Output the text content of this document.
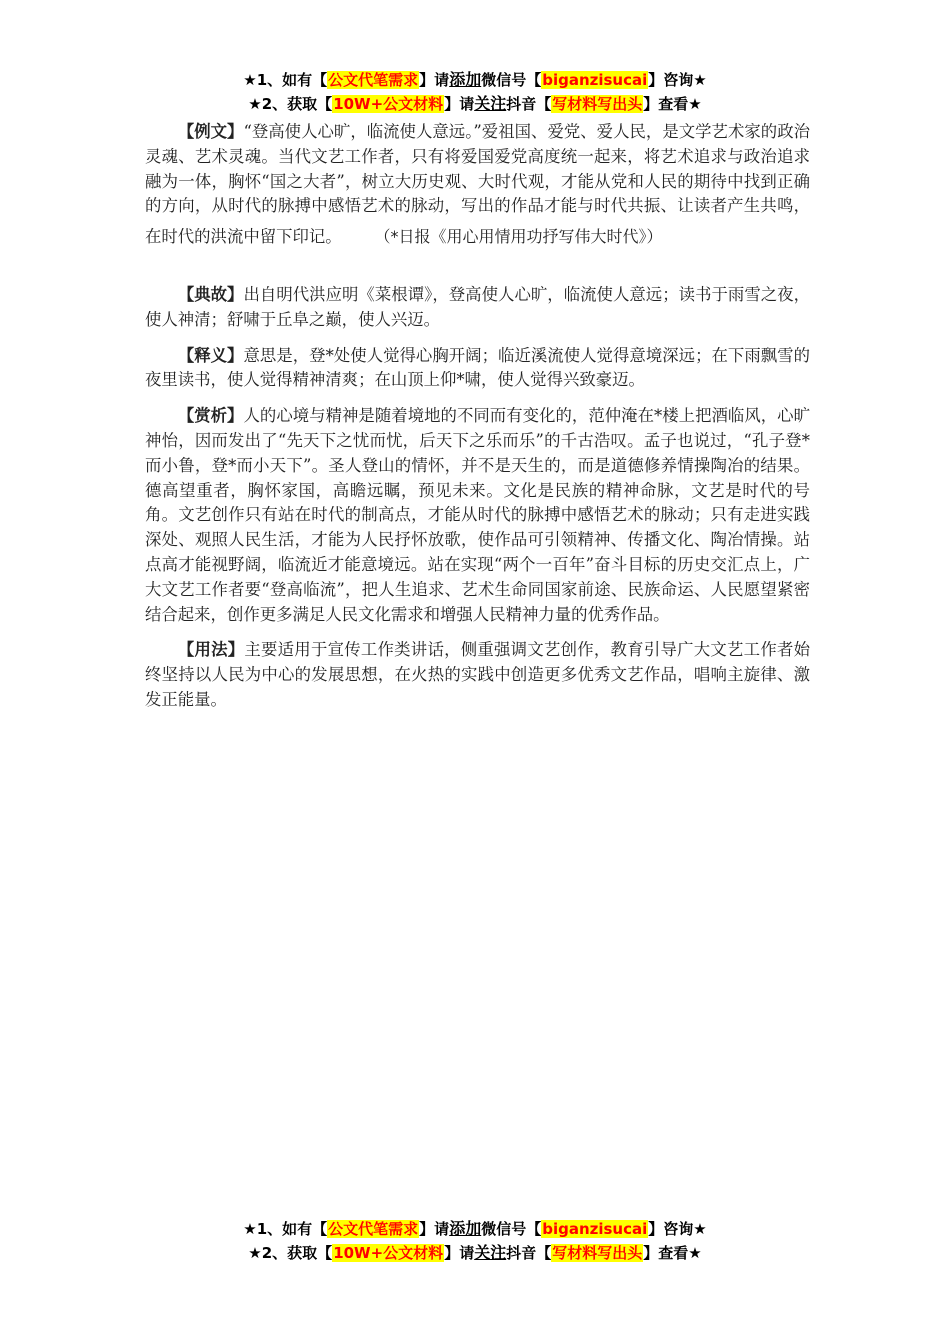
★1、如有【公文代笔需求】请添加微信号【biganzisucai】咨询★
★2、获取【10W+公文材料】请关注抖音【写材料写出头】查看★

【例文】“登高使人心旷，临流使人意远。”爱祖国、爱党、爱人民，是文学艺术家的政治灵魂、艺术灵魂。当代文艺工作者，只有将爱国爱党高度统一起来，将艺术追求与政治追求融为一体，胸怀“国之大者”，树立大历史观、大时代观，才能从党和人民的期待中找到正确的方向，从时代的脉搏中感悟艺术的脉动，写出的作品才能与时代共振、让读者产生共鸣，在时代的洪流中留下印记。 （*日报《用心用情用功抒写伟大时代》）

【典故】出自明代洪应明《菜根谭》，登高使人心旷，临流使人意远；读书于雨雪之夜，使人神清；舒啸于丘阜之巅，使人兴迈。

【释义】意思是，登*处使人觉得心胸开阔；临近溪流使人觉得意境深远；在下雨飘雪的夜里读书，使人觉得精神清爽；在山顶上仰*啸，使人觉得兴致豪迈。

【赏析】人的心境与精神是随着境地的不同而有变化的，范仲淹在*楼上把酒临风，心旷神怡，因而发出了“先天下之忧而忧，后天下之乐而乐”的千古浩叹。孟子也说过，“孔子登*而小鲁，登*而小天下”。圣人登山的情怀，并不是天生的，而是道德修养情操陶冶的结果。德高望重者，胸怀家国，高瞻远瞩，预见未来。文化是民族的精神命脉，文艺是时代的号角。文艺创作只有站在时代的制高点，才能从时代的脉搏中感悟艺术的脉动；只有走进实践深处、观照人民生活，才能为人民抒怀放歌，使作品可引领精神、传播文化、陶冶情操。站点高才能视野阔，临流近才能意境远。站在实现“两个一百年”奋斗目标的历史交汇点上，广大文艺工作者要“登高临流”，把人生追求、艺术生命同国家前途、民族命运、人民愿望紧密结合起来，创作更多满足人民文化需求和增强人民精神力量的优秀作品。

【用法】主要适用于宣传工作类讲话，侧重强调文艺创作，教育引导广大文艺工作者始终坚持以人民为中心的发展思想，在火热的实践中创造更多优秀文艺作品，唱响主旋律、激发正能量。

★1、如有【公文代笔需求】请添加微信号【biganzisucai】咨询★
★2、获取【10W+公文材料】请关注抖音【写材料写出头】查看★
